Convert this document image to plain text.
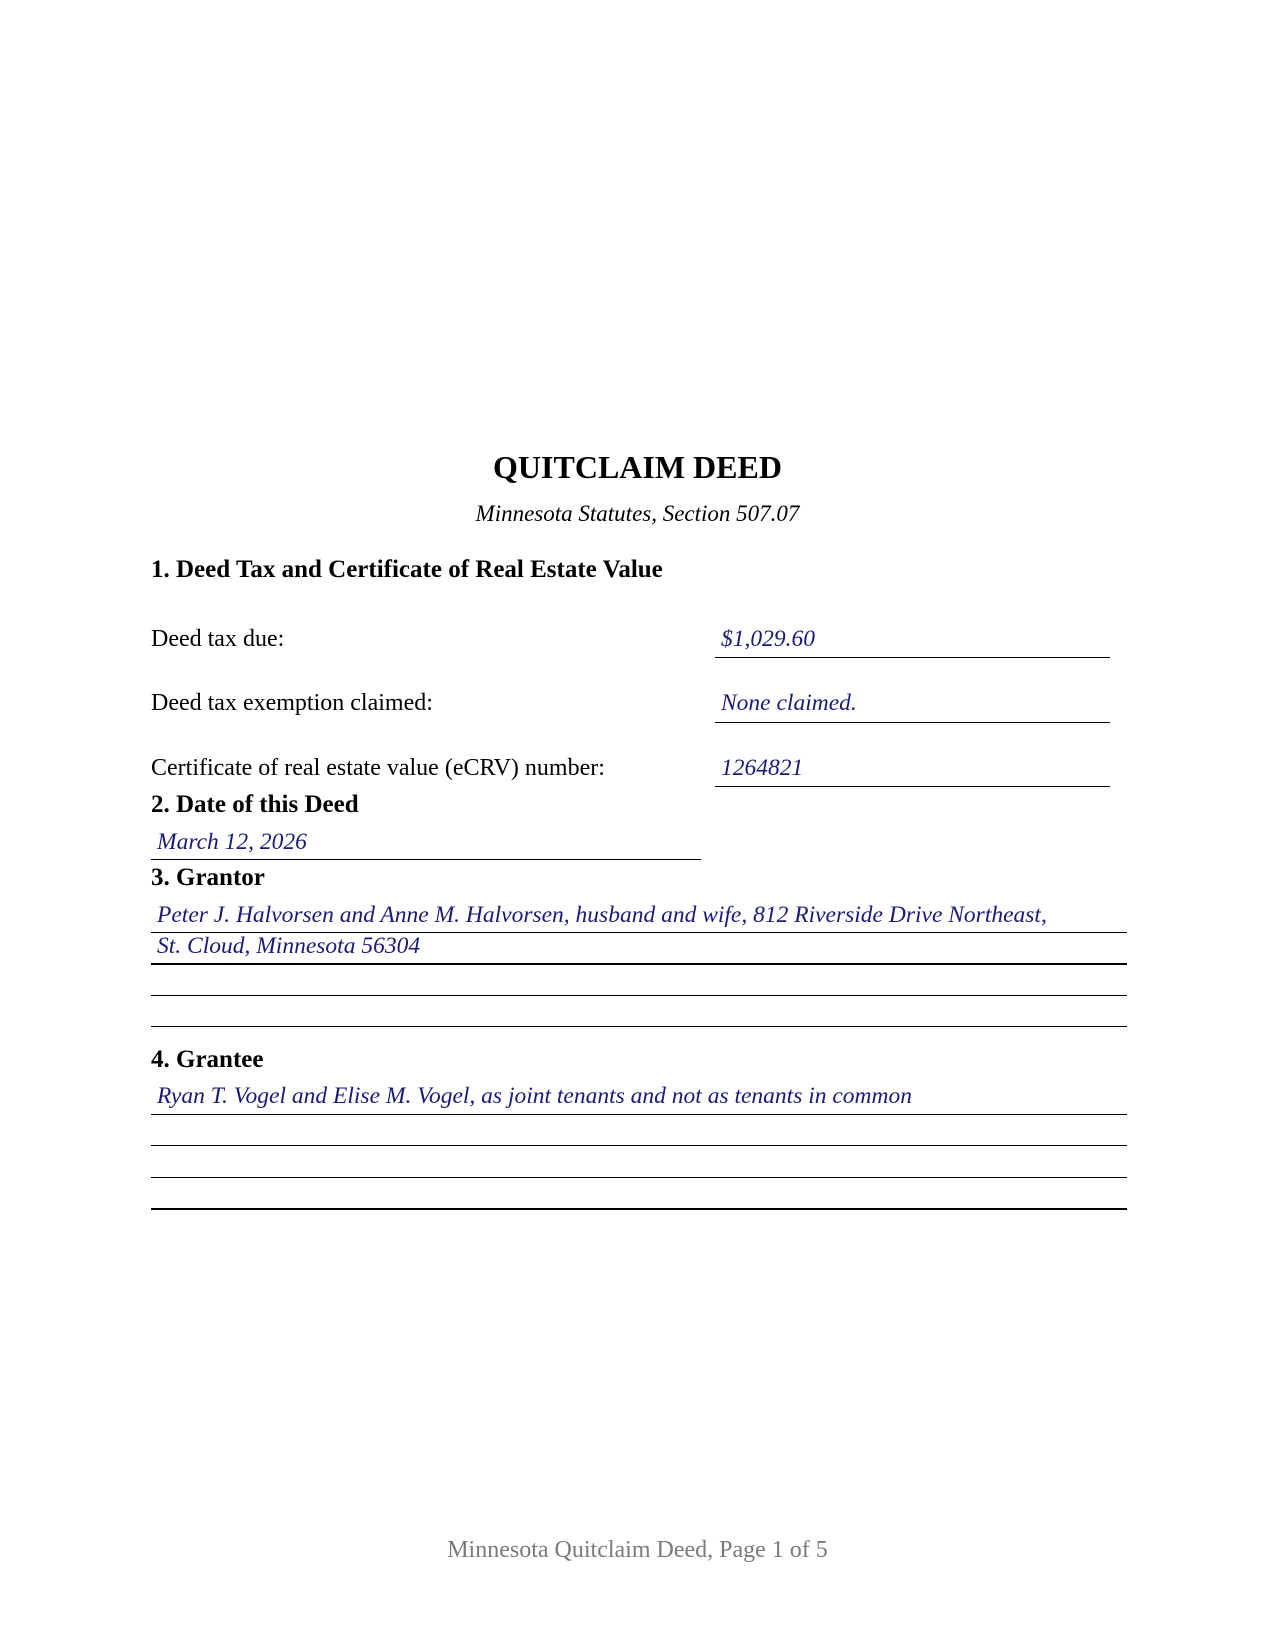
QUITCLAIM DEED
Minnesota Statutes, Section 507.07
1. Deed Tax and Certificate of Real Estate Value
Deed tax due:	$1,029.60
Deed tax exemption claimed:	None claimed.
Certificate of real estate value (eCRV) number:	1264821
2. Date of this Deed
March 12, 2026
3. Grantor
Peter J. Halvorsen and Anne M. Halvorsen, husband and wife, 812 Riverside Drive Northeast,
St. Cloud, Minnesota 56304
4. Grantee
Ryan T. Vogel and Elise M. Vogel, as joint tenants and not as tenants in common
Minnesota Quitclaim Deed, Page 1 of 5
